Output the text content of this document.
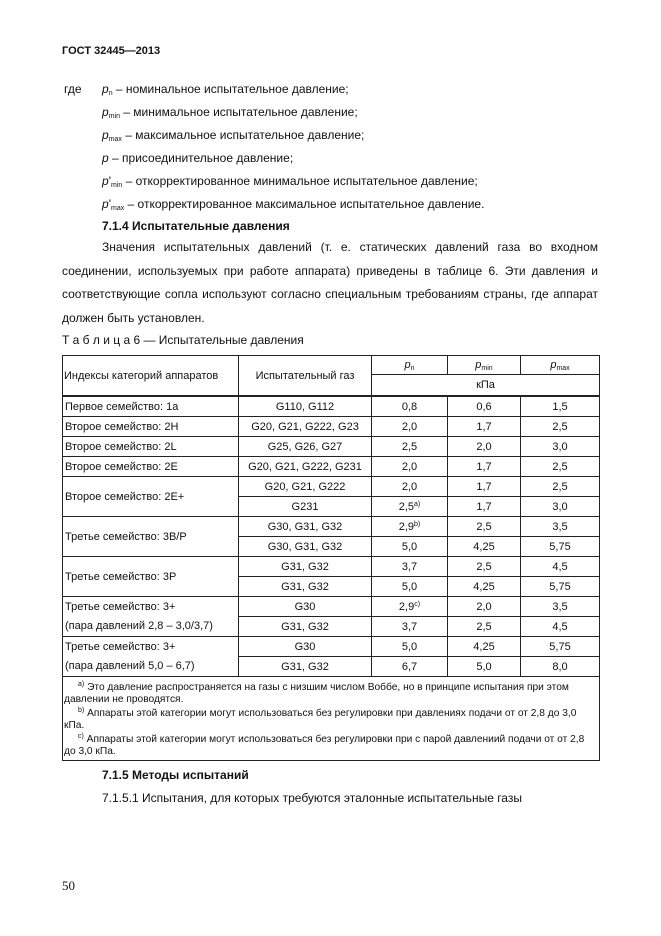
ГОСТ 32445—2013
где $p_n$ – номинальное испытательное давление;
$p_{min}$ – минимальное испытательное давление;
$p_{max}$ – максимальное испытательное давление;
p – присоединительное давление;
$p'_{min}$ – откорректированное минимальное испытательное давление;
$p'_{max}$ – откорректированное максимальное испытательное давление.
7.1.4 Испытательные давления
Значения испытательных давлений (т. е. статических давлений газа во входном соединении, используемых при работе аппарата) приведены в таблице 6. Эти давления и соответствующие сопла используют согласно специальным требованиям страны, где аппарат должен быть установлен.
Т а б л и ц а 6 — Испытательные давления
Индексы категорий аппаратов	Испытательный газ	$p_n$	$p_{min}$	$p_{max}$
		кПа		
Первое семейство: 1а	G110, G112	0,8	0,6	1,5
Второе семейство: 2Н	G20, G21, G222, G23	2,0	1,7	2,5
Второе семейство: 2L	G25, G26, G27	2,5	2,0	3,0
Второе семейство: 2Е	G20, G21, G222, G231	2,0	1,7	2,5
Второе семейство: 2Е+	G20, G21, G222	2,0	1,7	2,5
	G231	2,5$^{a)}$	1,7	3,0
Третье семейство: 3В/Р	G30, G31, G32	2,9$^{b)}$	2,5	3,5
	G30, G31, G32	5,0	4,25	5,75
Третье семейство: 3Р	G31, G32	3,7	2,5	4,5
	G31, G32	5,0	4,25	5,75
Третье семейство: 3+	G30	2,9$^{c)}$	2,0	3,5
(пара давлений 2,8 – 3,0/3,7)	G31, G32	3,7	2,5	4,5
Третье семейство: 3+	G30	5,0	4,25	5,75
(пара давлений 5,0 – 6,7)	G31, G32	6,7	5,0	8,0

$^{a)}$ Это давление распространяется на газы с низшим числом Воббе, но в принципе испытания при этом давлении не проводятся.
$^{b)}$ Аппараты этой категории могут использоваться без регулировки при давлениях подачи от от 2,8 до 3,0 кПа.
$^{c)}$ Аппараты этой категории могут использоваться без регулировки при с парой давлениий подачи от от 2,8 до 3,0 кПа.				
7.1.5 Методы испытаний
7.1.5.1 Испытания, для которых требуются эталонные испытательные газы
50
